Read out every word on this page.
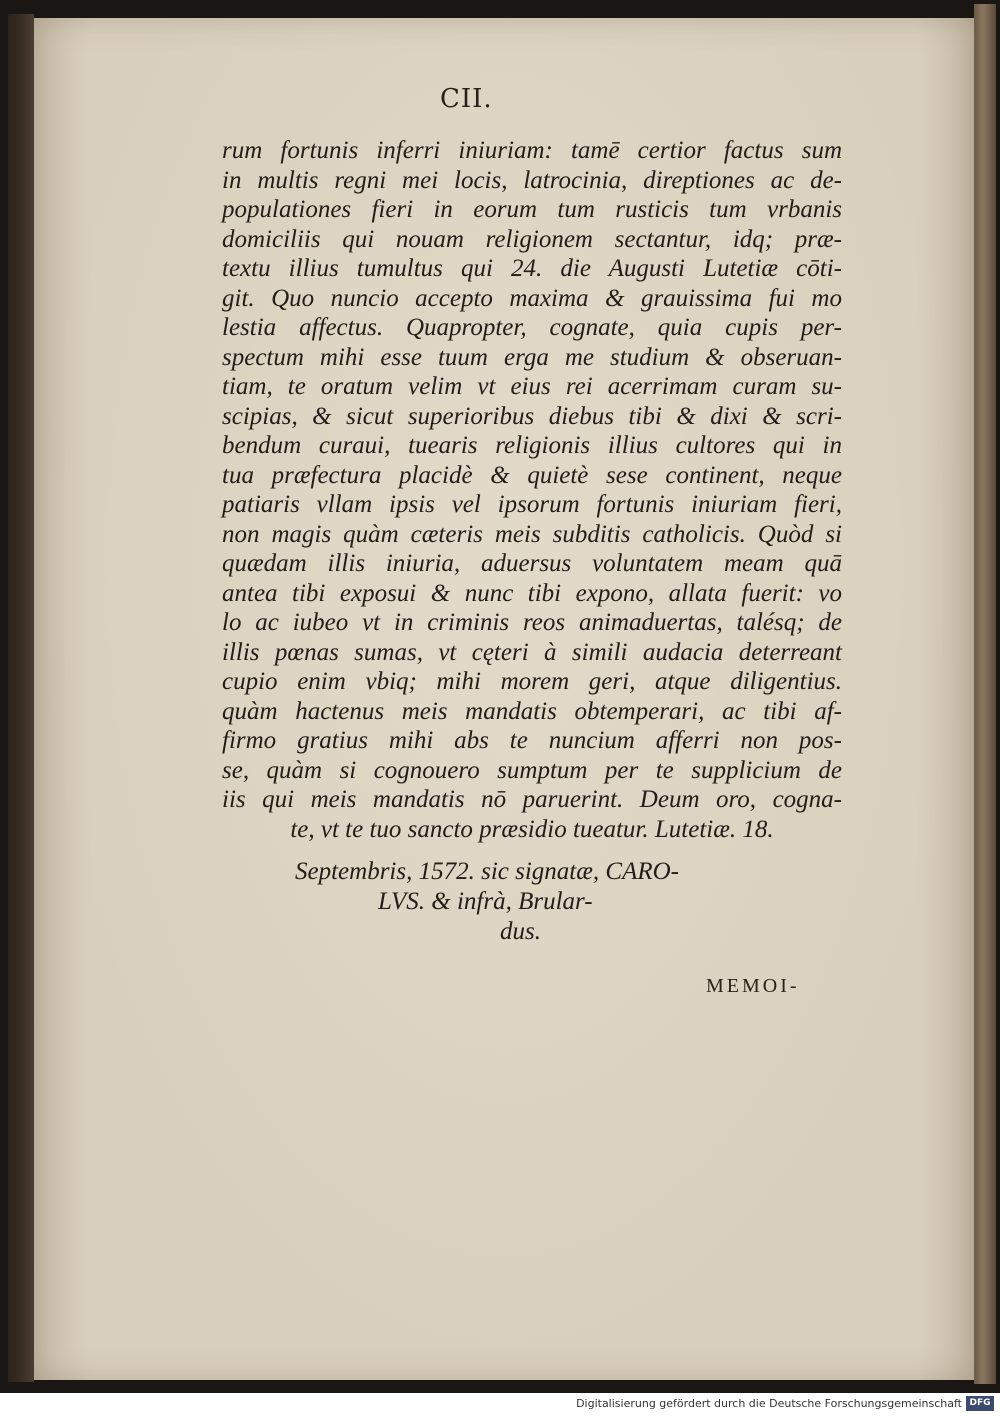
CII.
rum fortunis inferri iniuriam: tamē certior factus sum
in multis regni mei locis, latrocinia, direptiones ac de-
populationes fieri in eorum tum rusticis tum vrbanis
domiciliis qui nouam religionem sectantur, idq; præ-
textu illius tumultus qui 24. die Augusti Lutetiæ cōti-
git. Quo nuncio accepto maxima & grauissima fui mo
lestia affectus. Quapropter, cognate, quia cupis per-
spectum mihi esse tuum erga me studium & obseruan-
tiam, te oratum velim vt eius rei acerrimam curam su-
scipias, & sicut superioribus diebus tibi & dixi & scri-
bendum curaui, tuearis religionis illius cultores qui in
tua præfectura placidè & quietè sese continent, neque
patiaris vllam ipsis vel ipsorum fortunis iniuriam fieri,
non magis quàm cæteris meis subditis catholicis. Quòd si
quædam illis iniuria, aduersus voluntatem meam quā
antea tibi exposui & nunc tibi expono, allata fuerit: vo
lo ac iubeo vt in criminis reos animaduertas, talésq; de
illis pœnas sumas, vt cęteri à simili audacia deterreant
cupio enim vbiq; mihi morem geri, atque diligentius.
quàm hactenus meis mandatis obtemperari, ac tibi af-
firmo gratius mihi abs te nuncium afferri non pos-
se, quàm si cognouero sumptum per te supplicium de
iis qui meis mandatis nō paruerint. Deum oro, cogna-
te, vt te tuo sancto præsidio tueatur. Lutetiæ. 18.
Septembris, 1572. sic signatæ, CARO-
LVS. & infrà, Brular-
dus.
MEMOI-
Digitalisierung gefördert durch die Deutsche Forschungsgemeinschaft DFG
